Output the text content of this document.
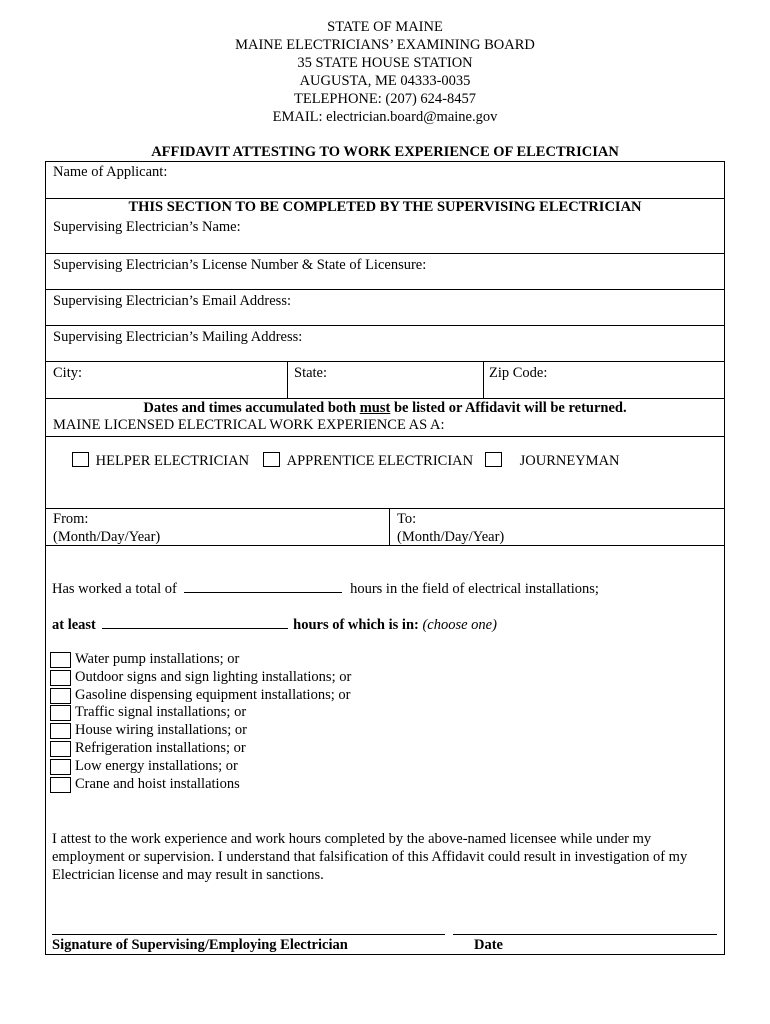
STATE OF MAINE
MAINE ELECTRICIANS’ EXAMINING BOARD
35 STATE HOUSE STATION
AUGUSTA, ME 04333-0035
TELEPHONE: (207) 624-8457
EMAIL: electrician.board@maine.gov
AFFIDAVIT ATTESTING TO WORK EXPERIENCE OF ELECTRICIAN
Name of Applicant:
THIS SECTION TO BE COMPLETED BY THE SUPERVISING ELECTRICIAN
Supervising Electrician’s Name:
Supervising Electrician’s License Number & State of Licensure:
Supervising Electrician’s Email Address:
Supervising Electrician’s Mailing Address:
City:	State:	Zip Code:
Dates and times accumulated both must be listed or Affidavit will be returned.
MAINE LICENSED ELECTRICAL WORK EXPERIENCE AS A:
From:
(Month/Day/Year)
To:
(Month/Day/Year)
HELPER ELECTRICIAN	APPRENTICE ELECTRICIAN	JOURNEYMAN
Has worked a total of	hours in the field of electrical installations;
at least	hours of which is in: (choose one)
Water pump installations; or
Outdoor signs and sign lighting installations; or
Gasoline dispensing equipment installations; or
Traffic signal installations; or
House wiring installations; or
Refrigeration installations; or
Low energy installations; or
Crane and hoist installations
I attest to the work experience and work hours completed by the above-named licensee while under my employment or supervision. I understand that falsification of this Affidavit could result in investigation of my Electrician license and may result in sanctions.
Signature of Supervising/Employing Electrician	Date
